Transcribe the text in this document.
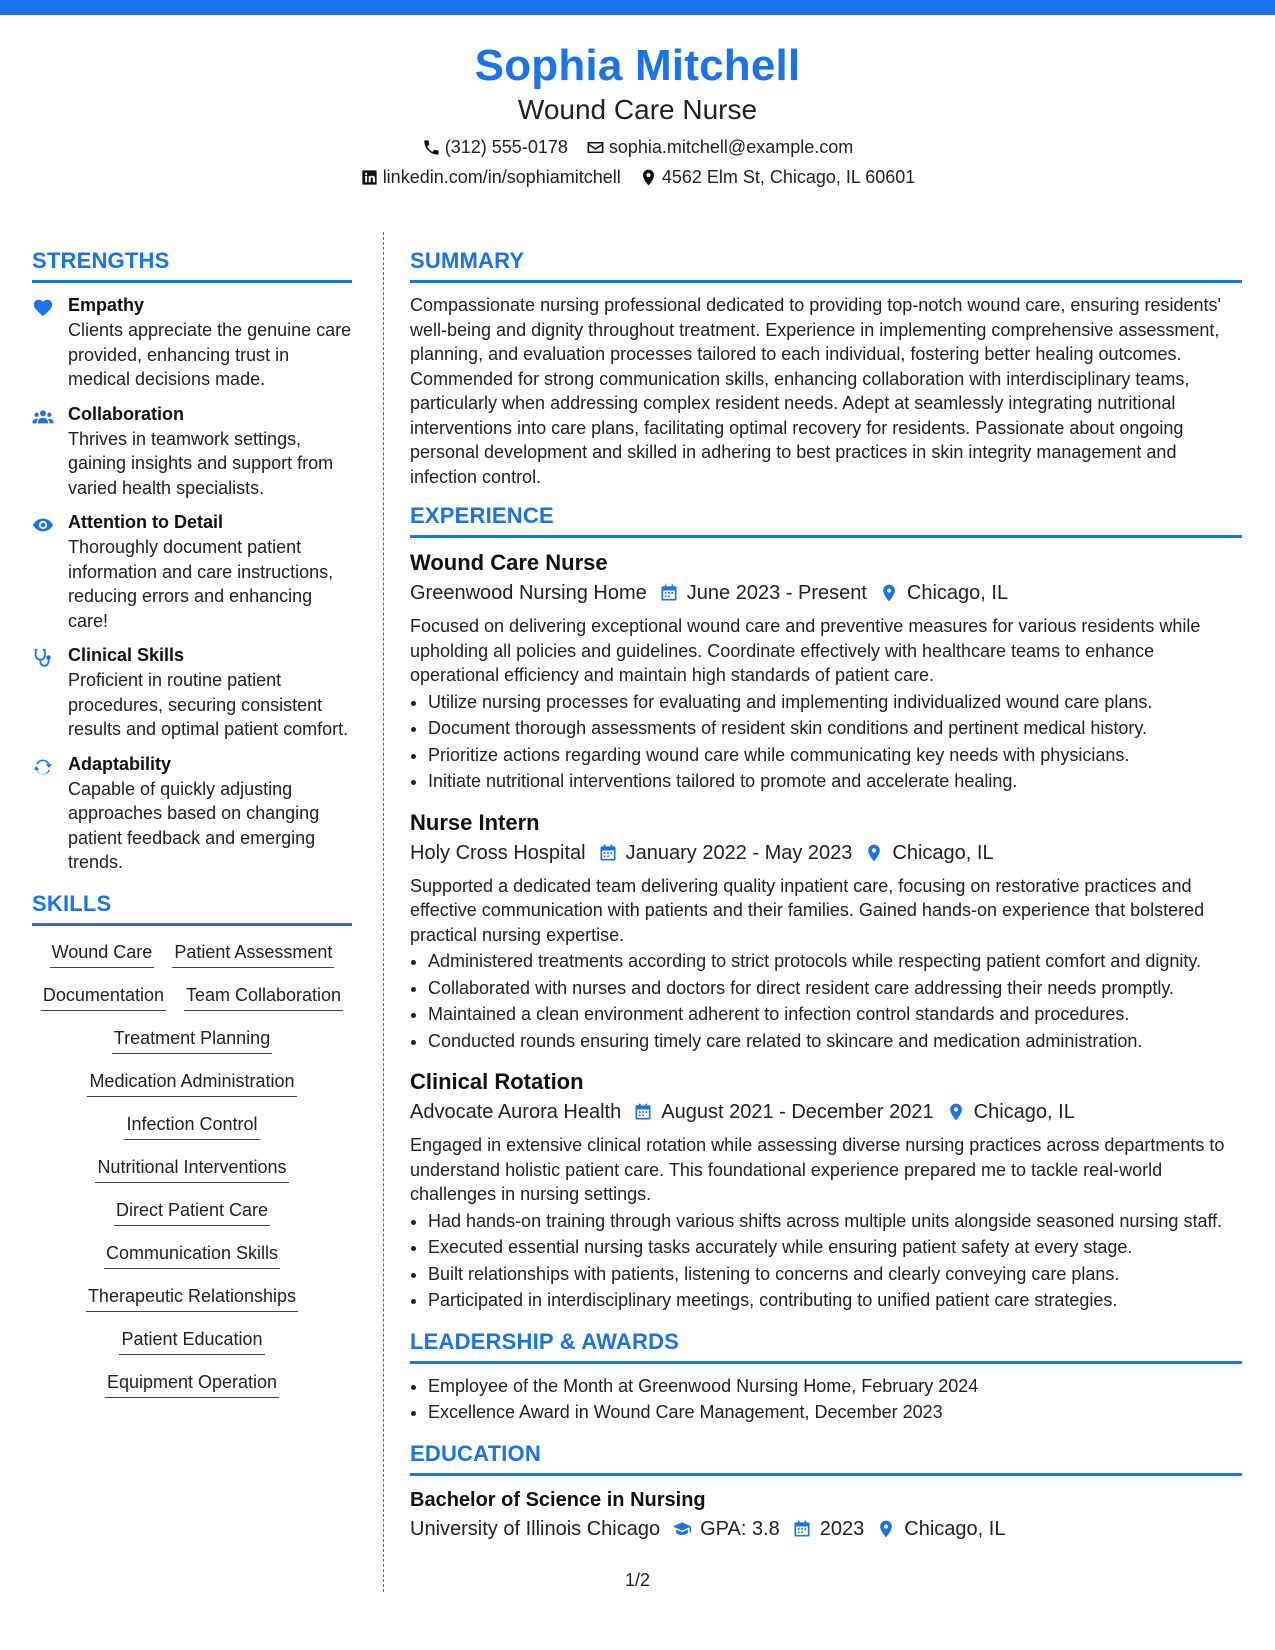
Sophia Mitchell
Wound Care Nurse
(312) 555-0178 sophia.mitchell@example.com
linkedin.com/in/sophiamitchell 4562 Elm St, Chicago, IL 60601
STRENGTHS
Empathy
Clients appreciate the genuine care provided, enhancing trust in medical decisions made.
Collaboration
Thrives in teamwork settings, gaining insights and support from varied health specialists.
Attention to Detail
Thoroughly document patient information and care instructions, reducing errors and enhancing care!
Clinical Skills
Proficient in routine patient procedures, securing consistent results and optimal patient comfort.
Adaptability
Capable of quickly adjusting approaches based on changing patient feedback and emerging trends.
SKILLS
Wound Care Patient Assessment
Documentation Team Collaboration
Treatment Planning
Medication Administration
Infection Control
Nutritional Interventions
Direct Patient Care
Communication Skills
Therapeutic Relationships
Patient Education
Equipment Operation
SUMMARY
Compassionate nursing professional dedicated to providing top-notch wound care, ensuring residents' well-being and dignity throughout treatment. Experience in implementing comprehensive assessment, planning, and evaluation processes tailored to each individual, fostering better healing outcomes. Commended for strong communication skills, enhancing collaboration with interdisciplinary teams, particularly when addressing complex resident needs. Adept at seamlessly integrating nutritional interventions into care plans, facilitating optimal recovery for residents. Passionate about ongoing personal development and skilled in adhering to best practices in skin integrity management and infection control.
EXPERIENCE
Wound Care Nurse
Greenwood Nursing Home June 2023 - Present Chicago, IL
Focused on delivering exceptional wound care and preventive measures for various residents while upholding all policies and guidelines. Coordinate effectively with healthcare teams to enhance operational efficiency and maintain high standards of patient care.
• Utilize nursing processes for evaluating and implementing individualized wound care plans.
• Document thorough assessments of resident skin conditions and pertinent medical history.
• Prioritize actions regarding wound care while communicating key needs with physicians.
• Initiate nutritional interventions tailored to promote and accelerate healing.
Nurse Intern
Holy Cross Hospital January 2022 - May 2023 Chicago, IL
Supported a dedicated team delivering quality inpatient care, focusing on restorative practices and effective communication with patients and their families. Gained hands-on experience that bolstered practical nursing expertise.
• Administered treatments according to strict protocols while respecting patient comfort and dignity.
• Collaborated with nurses and doctors for direct resident care addressing their needs promptly.
• Maintained a clean environment adherent to infection control standards and procedures.
• Conducted rounds ensuring timely care related to skincare and medication administration.
Clinical Rotation
Advocate Aurora Health August 2021 - December 2021 Chicago, IL
Engaged in extensive clinical rotation while assessing diverse nursing practices across departments to understand holistic patient care. This foundational experience prepared me to tackle real-world challenges in nursing settings.
• Had hands-on training through various shifts across multiple units alongside seasoned nursing staff.
• Executed essential nursing tasks accurately while ensuring patient safety at every stage.
• Built relationships with patients, listening to concerns and clearly conveying care plans.
• Participated in interdisciplinary meetings, contributing to unified patient care strategies.
LEADERSHIP & AWARDS
• Employee of the Month at Greenwood Nursing Home, February 2024
• Excellence Award in Wound Care Management, December 2023
EDUCATION
Bachelor of Science in Nursing
University of Illinois Chicago GPA: 3.8 2023 Chicago, IL
1/2
